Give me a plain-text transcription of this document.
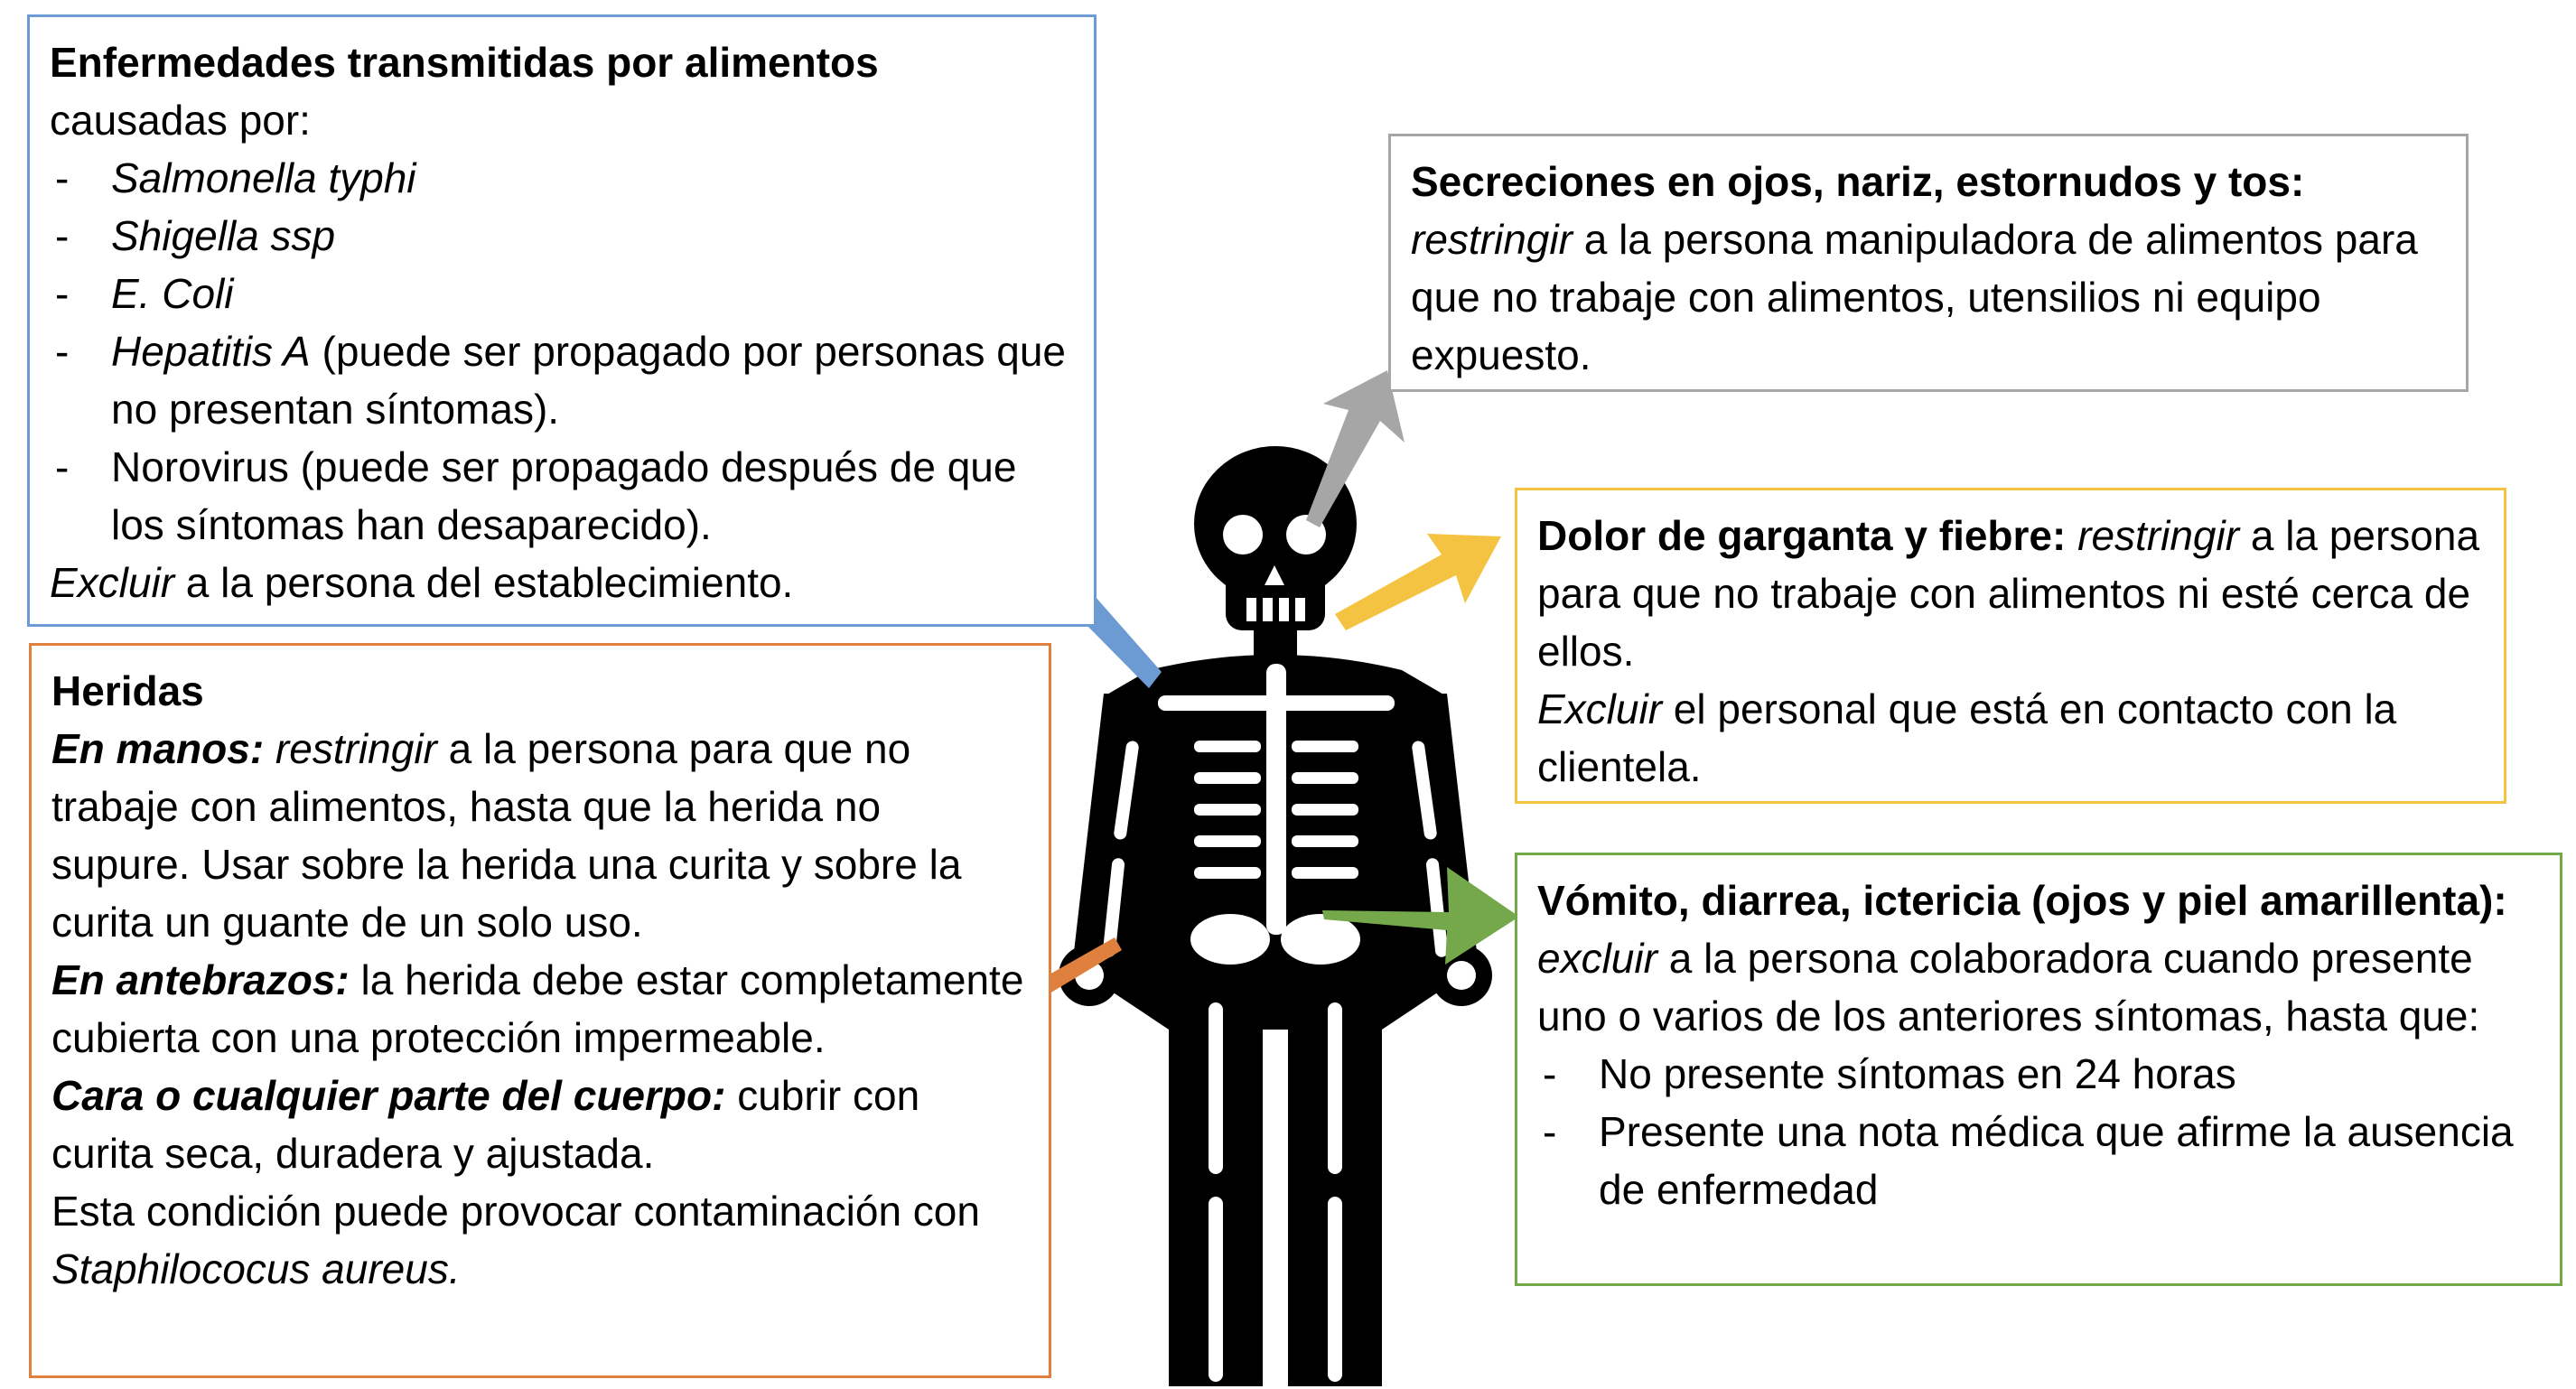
Enfermedades transmitidas por alimentos

causadas por:

- Salmonella typhi
- Shigella ssp
- E. Coli
- Hepatitis A (puede ser propagado por personas que no presentan síntomas).
- Norovirus (puede ser propagado después de que los síntomas han desaparecido).

Excluir a la persona del establecimiento.

Secreciones en ojos, nariz, estornudos y tos:
restringir a la persona manipuladora de alimentos para que no trabaje con alimentos, utensilios ni equipo expuesto.

Dolor de garganta y fiebre: restringir a la persona para que no trabaje con alimentos ni esté cerca de ellos.

Excluir el personal que está en contacto con la clientela.

Vómito, diarrea, ictericia (ojos y piel amarillenta):
excluir a la persona colaboradora cuando presente uno o varios de los anteriores síntomas, hasta que:

- No presente síntomas en 24 horas
- Presente una nota médica que afirme la ausencia de enfermedad

Heridas

En manos: restringir a la persona para que no trabaje con alimentos, hasta que la herida no supure. Usar sobre la herida una curita y sobre la curita un guante de un solo uso.

En antebrazos: la herida debe estar completamente cubierta con una protección impermeable.

Cara o cualquier parte del cuerpo: cubrir con curita seca, duradera y ajustada.

Esta condición puede provocar contaminación con Staphilococus aureus.
